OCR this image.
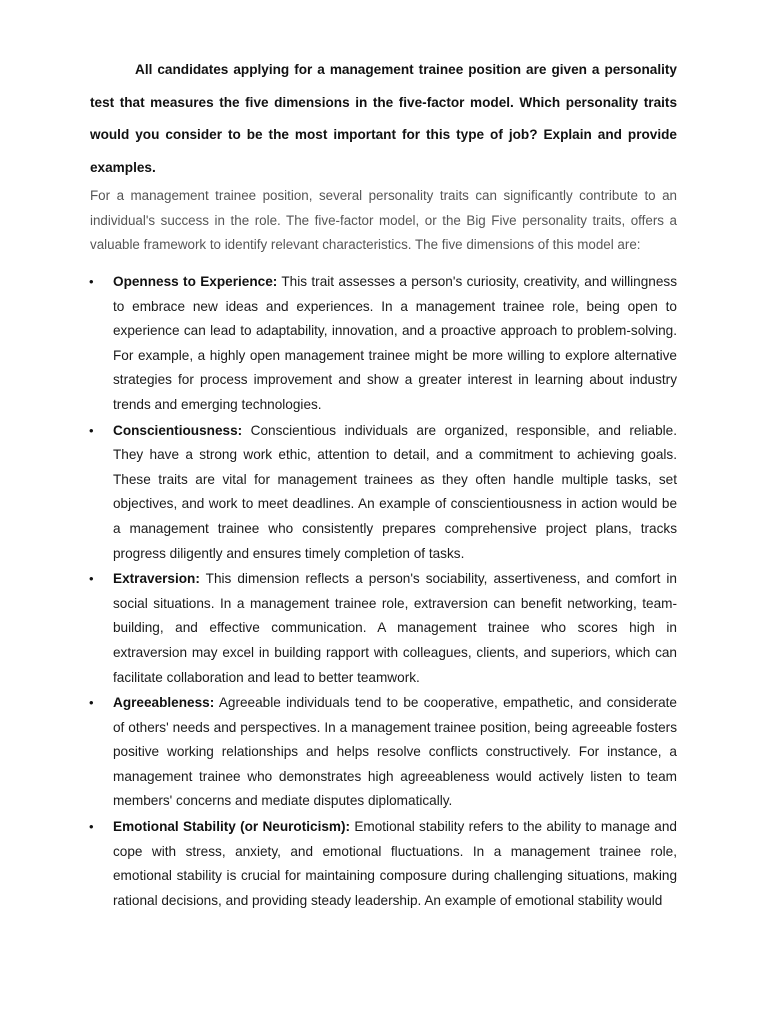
All candidates applying for a management trainee position are given a personality test that measures the five dimensions in the five-factor model. Which personality traits would you consider to be the most important for this type of job? Explain and provide examples.
For a management trainee position, several personality traits can significantly contribute to an individual's success in the role. The five-factor model, or the Big Five personality traits, offers a valuable framework to identify relevant characteristics. The five dimensions of this model are:
• Openness to Experience: This trait assesses a person's curiosity, creativity, and willingness to embrace new ideas and experiences. In a management trainee role, being open to experience can lead to adaptability, innovation, and a proactive approach to problem-solving. For example, a highly open management trainee might be more willing to explore alternative strategies for process improvement and show a greater interest in learning about industry trends and emerging technologies.
• Conscientiousness: Conscientious individuals are organized, responsible, and reliable. They have a strong work ethic, attention to detail, and a commitment to achieving goals. These traits are vital for management trainees as they often handle multiple tasks, set objectives, and work to meet deadlines. An example of conscientiousness in action would be a management trainee who consistently prepares comprehensive project plans, tracks progress diligently and ensures timely completion of tasks.
• Extraversion: This dimension reflects a person's sociability, assertiveness, and comfort in social situations. In a management trainee role, extraversion can benefit networking, team-building, and effective communication. A management trainee who scores high in extraversion may excel in building rapport with colleagues, clients, and superiors, which can facilitate collaboration and lead to better teamwork.
• Agreeableness: Agreeable individuals tend to be cooperative, empathetic, and considerate of others' needs and perspectives. In a management trainee position, being agreeable fosters positive working relationships and helps resolve conflicts constructively. For instance, a management trainee who demonstrates high agreeableness would actively listen to team members' concerns and mediate disputes diplomatically.
• Emotional Stability (or Neuroticism): Emotional stability refers to the ability to manage and cope with stress, anxiety, and emotional fluctuations. In a management trainee role, emotional stability is crucial for maintaining composure during challenging situations, making rational decisions, and providing steady leadership. An example of emotional stability would
